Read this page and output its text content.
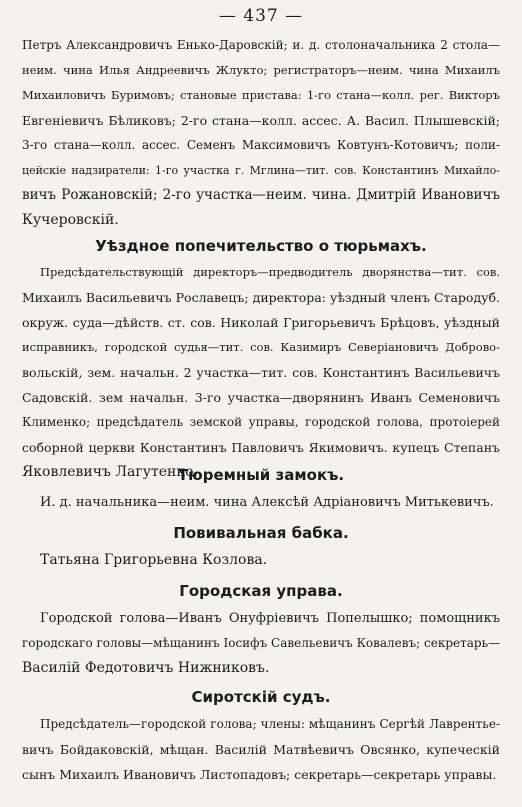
— 437 —
Петръ Александровичъ Енько-Даровскій; и. д. столоначальника 2 стола—
неим. чина Илья Андреевичъ Жлукто; регистраторъ—неим. чина Михаилъ
Михаиловичъ Буримовъ; становые пристава: 1-го стана—колл. рег. Викторъ
Евгеніевичъ Бѣликовъ; 2-го стана—колл. ассес. А. Васил. Плышевскій;
3-го стана—колл. ассес. Семенъ Максимовичъ Ковтунъ-Котовичъ; поли-
цейскіе надзиратели: 1-го участка г. Мглина—тит. сов. Константинъ Михайло-
вичъ Рожановскій; 2-го участка—неим. чина. Дмитрій Ивановичъ
Кучеровскій.
Уѣздное попечительство о тюрьмахъ.
Предсѣдательствующій директоръ—предводитель дворянства—тит. сов.
Михаилъ Васильевичъ Рославецъ; директора: уѣздный членъ Стародуб.
окруж. суда—дѣйств. ст. сов. Николай Григорьевичъ Брѣцовъ, уѣздный
исправникъ, городской судья—тит. сов. Казимиръ Северіановичъ Доброво-
вольскій, зем. начальн. 2 участка—тит. сов. Константинъ Васильевичъ
Садовскій. зем начальн. 3-го участка—дворянинъ Иванъ Семеновичъ
Клименко; предсѣдатель земской управы, городской голова, протоіерей
соборной церкви Константинъ Павловичъ Якимовичъ. купецъ Степанъ
Яковлевичъ Лагутенко.
Тюремный замокъ.
И. д. начальника—неим. чина Алексѣй Адріановичъ Митькевичъ.
Повивальная бабка.
Татьяна Григорьевна Козлова.
Городская управа.
Городской голова—Иванъ Онуфріевичъ Попелышко; помощникъ
городскаго головы—мѣщанинъ Іосифъ Савельевичъ Ковалевъ; секретарь—
Василій Федотовичъ Нижниковъ.
Сиротскій судъ.
Предсѣдатель—городской голова; члены: мѣщанинъ Сергѣй Лаврентье-
вичъ Бойдаковскій, мѣщан. Василій Матвѣевичъ Овсянко, купеческій
сынъ Михаилъ Ивановичъ Листопадовъ; секретарь—секретарь управы.
